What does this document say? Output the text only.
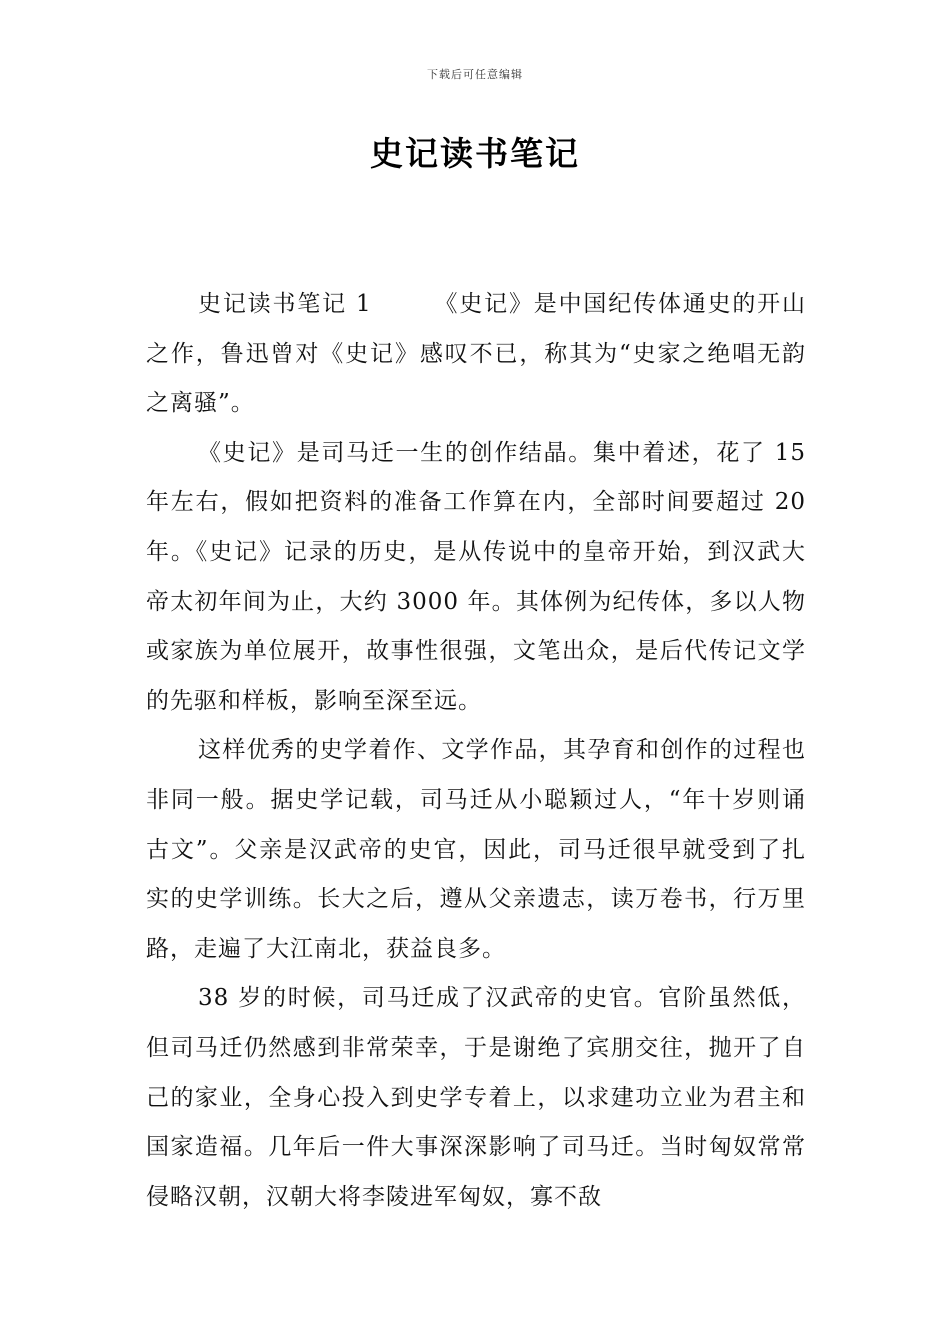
下载后可任意编辑
史记读书笔记

史记读书笔记 1	《史记》是中国纪传体通史的开山之作，鲁迅曾对《史记》感叹不已，称其为“史家之绝唱无韵之离骚”。

《史记》是司马迁一生的创作结晶。集中着述，花了 15 年左右，假如把资料的准备工作算在内，全部时间要超过 20 年。《史记》记录的历史，是从传说中的皇帝开始，到汉武大帝太初年间为止，大约 3000 年。其体例为纪传体，多以人物或家族为单位展开，故事性很强，文笔出众，是后代传记文学的先驱和样板，影响至深至远。

这样优秀的史学着作、文学作品，其孕育和创作的过程也非同一般。据史学记载，司马迁从小聪颖过人，“年十岁则诵古文”。父亲是汉武帝的史官，因此，司马迁很早就受到了扎实的史学训练。长大之后，遵从父亲遗志，读万卷书，行万里路，走遍了大江南北，获益良多。

38 岁的时候，司马迁成了汉武帝的史官。官阶虽然低，但司马迁仍然感到非常荣幸，于是谢绝了宾朋交往，抛开了自己的家业，全身心投入到史学专着上，以求建功立业为君主和国家造福。几年后一件大事深深影响了司马迁。当时匈奴常常侵略汉朝，汉朝大将李陵进军匈奴，寡不敌
